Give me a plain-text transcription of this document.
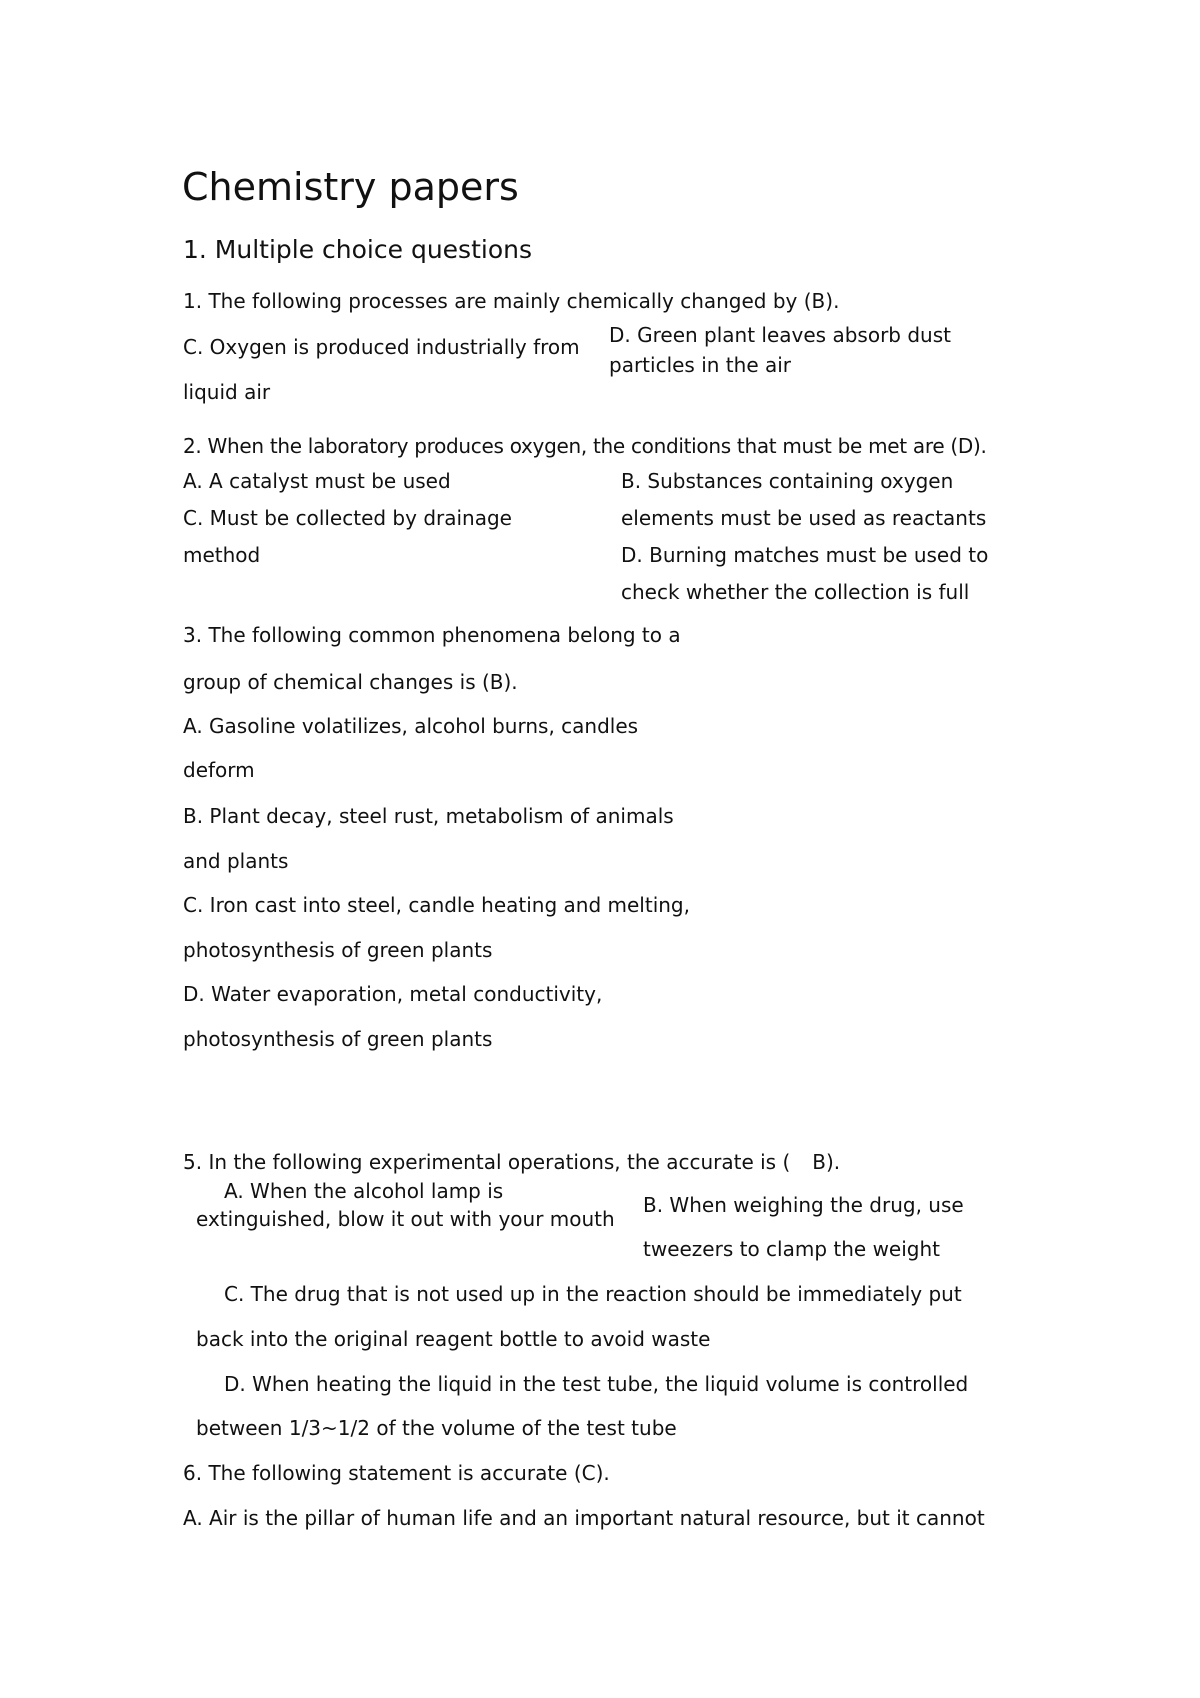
Chemistry papers
1. Multiple choice questions
1. The following processes are mainly chemically changed by (B).
C. Oxygen is produced industrially from
liquid air
D. Green plant leaves absorb dust
particles in the air
2. When the laboratory produces oxygen, the conditions that must be met are (D).
A. A catalyst must be used	B. Substances containing oxygen
elements must be used as reactants
C. Must be collected by drainage
method	D. Burning matches must be used to
check whether the collection is full
3. The following common phenomena belong to a
group of chemical changes is (B).
A. Gasoline volatilizes, alcohol burns, candles
deform
B. Plant decay, steel rust, metabolism of animals
and plants
C. Iron cast into steel, candle heating and melting,
photosynthesis of green plants
D. Water evaporation, metal conductivity,
photosynthesis of green plants
5. In the following experimental operations, the accurate is ( B).
A. When the alcohol lamp is
extinguished, blow it out with your mouth
B. When weighing the drug, use
tweezers to clamp the weight
C. The drug that is not used up in the reaction should be immediately put
back into the original reagent bottle to avoid waste
D. When heating the liquid in the test tube, the liquid volume is controlled
between 1/3~1/2 of the volume of the test tube
6. The following statement is accurate (C).
A. Air is the pillar of human life and an important natural resource, but it cannot
